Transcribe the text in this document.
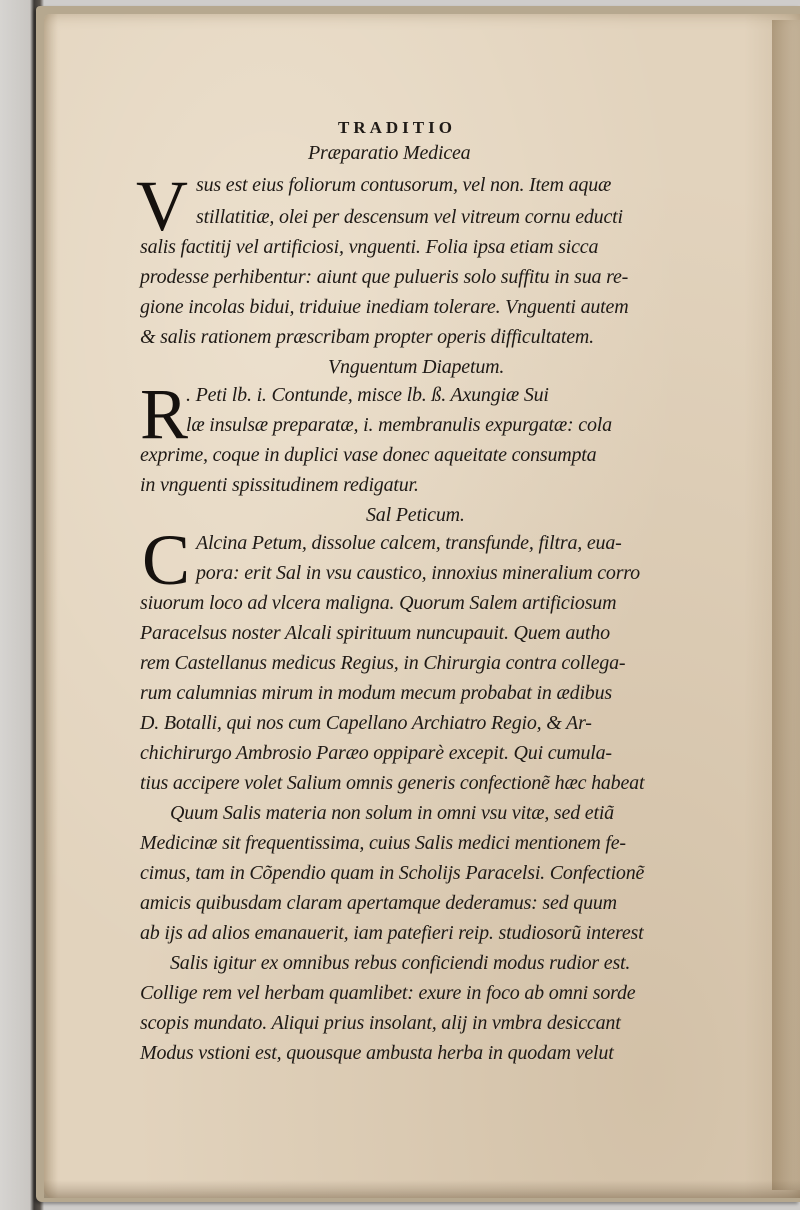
TRADITIO
Præparatio Medicea
V sus est eius foliorum contusorum, vel non. Item aquæ
stillatitiæ, olei per descensum vel vitreum cornu educti
salis factitij vel artificiosi, vnguenti. Folia ipsa etiam sicca
prodesse perhibentur: aiunt que pulueris solo suffitu in sua re-
gione incolas bidui, triduiue inediam tolerare. Vnguenti autem
& salis rationem præscribam propter operis difficultatem.
Vnguentum Diapetum.
R
. Peti lb. i. Contunde, misce lb. ß. Axungiæ Sui
læ insulsæ preparatæ, i. membranulis expurgatæ: cola
exprime, coque in duplici vase donec aqueitate consumpta
in vnguenti spissitudinem redigatur.
Sal Peticum.
C Alcina Petum, dissolue calcem, transfunde, filtra, eua-
pora: erit Sal in vsu caustico, innoxius mineralium corro
siuorum loco ad vlcera maligna. Quorum Salem artificiosum
Paracelsus noster Alcali spirituum nuncupauit. Quem autho
rem Castellanus medicus Regius, in Chirurgia contra collega-
rum calumnias mirum in modum mecum probabat in ædibus
D. Botalli, qui nos cum Capellano Archiatro Regio, & Ar-
chichirurgo Ambrosio Paræo oppiparè excepit. Qui cumula-
tius accipere volet Salium omnis generis confectionẽ hæc habeat
Quum Salis materia non solum in omni vsu vitæ, sed etiã
Medicinæ sit frequentissima, cuius Salis medici mentionem fe-
cimus, tam in Cõpendio quam in Scholijs Paracelsi. Confectionẽ
amicis quibusdam claram apertamque dederamus: sed quum
ab ijs ad alios emanauerit, iam patefieri reip. studiosorũ interest
Salis igitur ex omnibus rebus conficiendi modus rudior est.
Collige rem vel herbam quamlibet: exure in foco ab omni sorde
scopis mundato. Aliqui prius insolant, alij in vmbra desiccant
Modus vstioni est, quousque ambusta herba in quodam velut
